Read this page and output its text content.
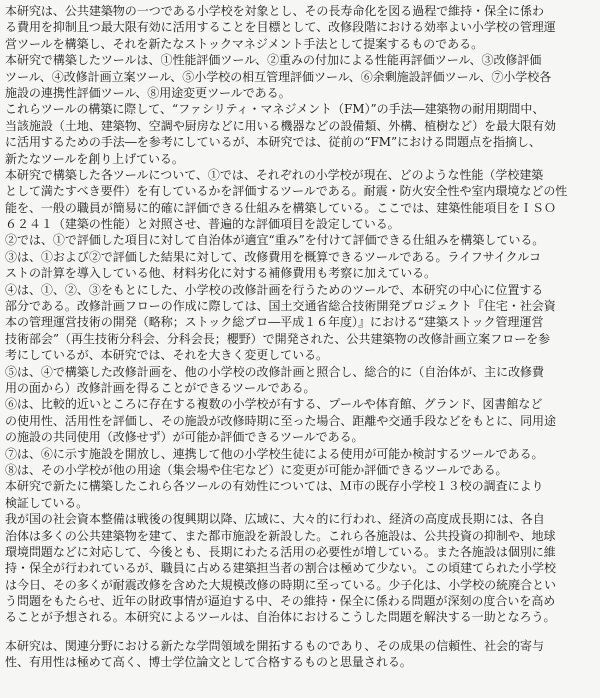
本研究は、公共建築物の一つである小学校を対象とし、その長寿命化を図る過程で維持・保全に係わ
る費用を抑制且つ最大限有効に活用することを目標として、改修段階における効率よい小学校の管理運
営ツールを構築し、それを新たなストックマネジメント手法として提案するものである。
本研究で構築したツールは、①性能評価ツール、②重みの付加による性能再評価ツール、③改修評価
ツール、④改修計画立案ツール、⑤小学校の相互管理評価ツール、⑥余剰施設評価ツール、⑦小学校各
施設の連携性評価ツール、⑧用途変更ツールである。
これらツールの構築に際して、“ファシリティ・マネジメント（FM）”の手法―建築物の耐用期間中、
当該施設（土地、建築物、空調や厨房などに用いる機器などの設備類、外構、植樹など）を最大限有効
に活用するための手法―を参考にしているが、本研究では、従前の“FM”における問題点を指摘し、
新たなツールを創り上げている。
本研究で構築した各ツールについて、①では、それぞれの小学校が現在、どのような性能（学校建築
として満たすべき要件）を有しているかを評価するツールである。耐震・防火安全性や室内環境などの性
能を、一般の職員が簡易に的確に評価できる仕組みを構築している。ここでは、建築性能項目をＩＳＯ
６２４１（建築の性能）と対照させ、普遍的な評価項目を設定している。
②では、①で評価した項目に対して自治体が適宜“重み”を付けて評価できる仕組みを構築している。
③は、①および②で評価した結果に対して、改修費用を概算できるツールである。ライフサイクルコ
ストの計算を導入している他、材料劣化に対する補修費用も考察に加えている。
④は、①、②、③をもとにした、小学校の改修計画を行うためのツールで、本研究の中心に位置する
部分である。改修計画フローの作成に際しては、国土交通省総合技術開発プロジェクト『住宅・社会資
本の管理運営技術の開発（略称；ストック総プロ―平成１６年度）』における“建築ストック管理運営
技術部会”（再生技術分科会、分科会長；櫻野）で開発された、公共建築物の改修計画立案フローを参
考にしているが、本研究では、それを大きく変更している。
⑤は、④で構築した改修計画を、他の小学校の改修計画と照合し、総合的に（自治体が、主に改修費
用の面から）改修計画を得ることができるツールである。
⑥は、比較的近いところに存在する複数の小学校が有する、プールや体育館、グランド、図書館など
の使用性、活用性を評価し、その施設が改修時期に至った場合、距離や交通手段などをもとに、同用途
の施設の共同使用（改修せず）が可能か評価できるツールである。
⑦は、⑥に示す施設を開放し、連携して他の小学校生徒による使用が可能か検討するツールである。
⑧は、その小学校が他の用途（集会場や住宅など）に変更が可能か評価できるツールである。
本研究で新たに構築したこれら各ツールの有効性については、Ｍ市の既存小学校１３校の調査により
検証している。
我が国の社会資本整備は戦後の復興期以降、広域に、大々的に行われ、経済の高度成長期には、各自
治体は多くの公共建築物を建て、また都市施設を新設した。これら各施設は、公共投資の抑制や、地球
環境問題などに対応して、今後とも、長期にわたる活用の必要性が増している。また各施設は個別に維
持・保全が行われているが、職員に占める建築担当者の割合は極めて少ない。この頃建てられた小学校
は今日、その多くが耐震改修を含めた大規模改修の時期に至っている。少子化は、小学校の統廃合とい
う問題をもたらせ、近年の財政事情が逼迫する中、その維持・保全に係わる問題が深刻の度合いを高め
ることが予想される。本研究によるツールは、自治体におけるこうした問題を解決する一助となろう。
本研究は、関連分野における新たな学問領域を開拓するものであり、その成果の信頼性、社会的寄与
性、有用性は極めて高く、博士学位論文として合格するものと思量される。
